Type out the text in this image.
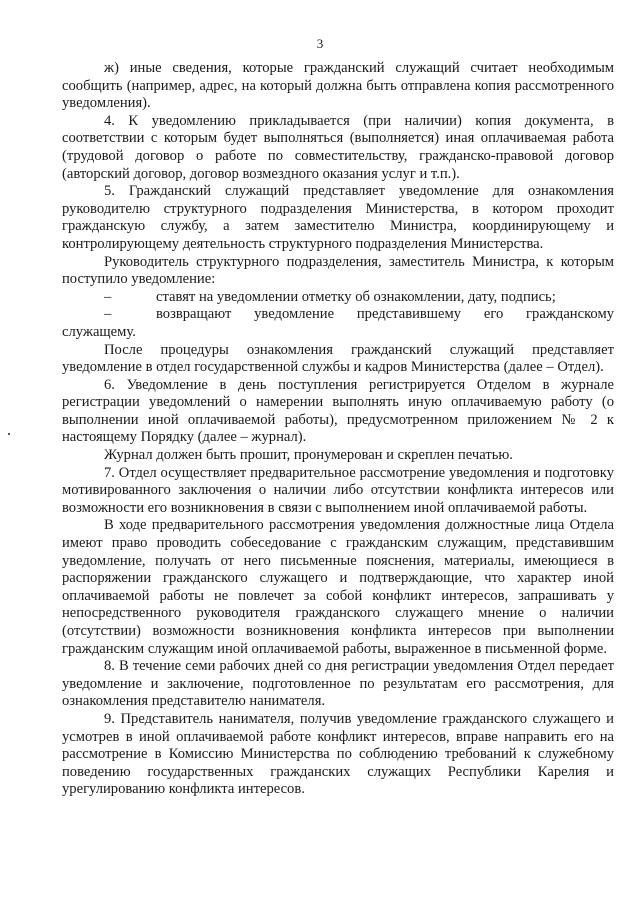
3

ж) иные сведения, которые гражданский служащий считает необходимым сообщить (например, адрес, на который должна быть отправлена копия рассмотренного уведомления).

4. К уведомлению прикладывается (при наличии) копия документа, в соответствии с которым будет выполняться (выполняется) иная оплачиваемая работа (трудовой договор о работе по совместительству, гражданско-правовой договор (авторский договор, договор возмездного оказания услуг и т.п.).

5. Гражданский служащий представляет уведомление для ознакомления руководителю структурного подразделения Министерства, в котором проходит гражданскую службу, а затем заместителю Министра, координирующему и контролирующему деятельность структурного подразделения Министерства.

Руководитель структурного подразделения, заместитель Министра, к которым поступило уведомление:

–	ставят на уведомлении отметку об ознакомлении, дату, подпись;

–	возвращают уведомление представившему его гражданскому служащему.

После процедуры ознакомления гражданский служащий представляет уведомление в отдел государственной службы и кадров Министерства (далее – Отдел).

6. Уведомление в день поступления регистрируется Отделом в журнале регистрации уведомлений о намерении выполнять иную оплачиваемую работу (о выполнении иной оплачиваемой работы), предусмотренном приложением № 2 к настоящему Порядку (далее – журнал).

Журнал должен быть прошит, пронумерован и скреплен печатью.

7. Отдел осуществляет предварительное рассмотрение уведомления и подготовку мотивированного заключения о наличии либо отсутствии конфликта интересов или возможности его возникновения в связи с выполнением иной оплачиваемой работы.

В ходе предварительного рассмотрения уведомления должностные лица Отдела имеют право проводить собеседование с гражданским служащим, представившим уведомление, получать от него письменные пояснения, материалы, имеющиеся в распоряжении гражданского служащего и подтверждающие, что характер иной оплачиваемой работы не повлечет за собой конфликт интересов, запрашивать у непосредственного руководителя гражданского служащего мнение о наличии (отсутствии) возможности возникновения конфликта интересов при выполнении гражданским служащим иной оплачиваемой работы, выраженное в письменной форме.

8. В течение семи рабочих дней со дня регистрации уведомления Отдел передает уведомление и заключение, подготовленное по результатам его рассмотрения, для ознакомления представителю нанимателя.

9. Представитель нанимателя, получив уведомление гражданского служащего и усмотрев в иной оплачиваемой работе конфликт интересов, вправе направить его на рассмотрение в Комиссию Министерства по соблюдению требований к служебному поведению государственных гражданских служащих Республики Карелия и урегулированию конфликта интересов.
